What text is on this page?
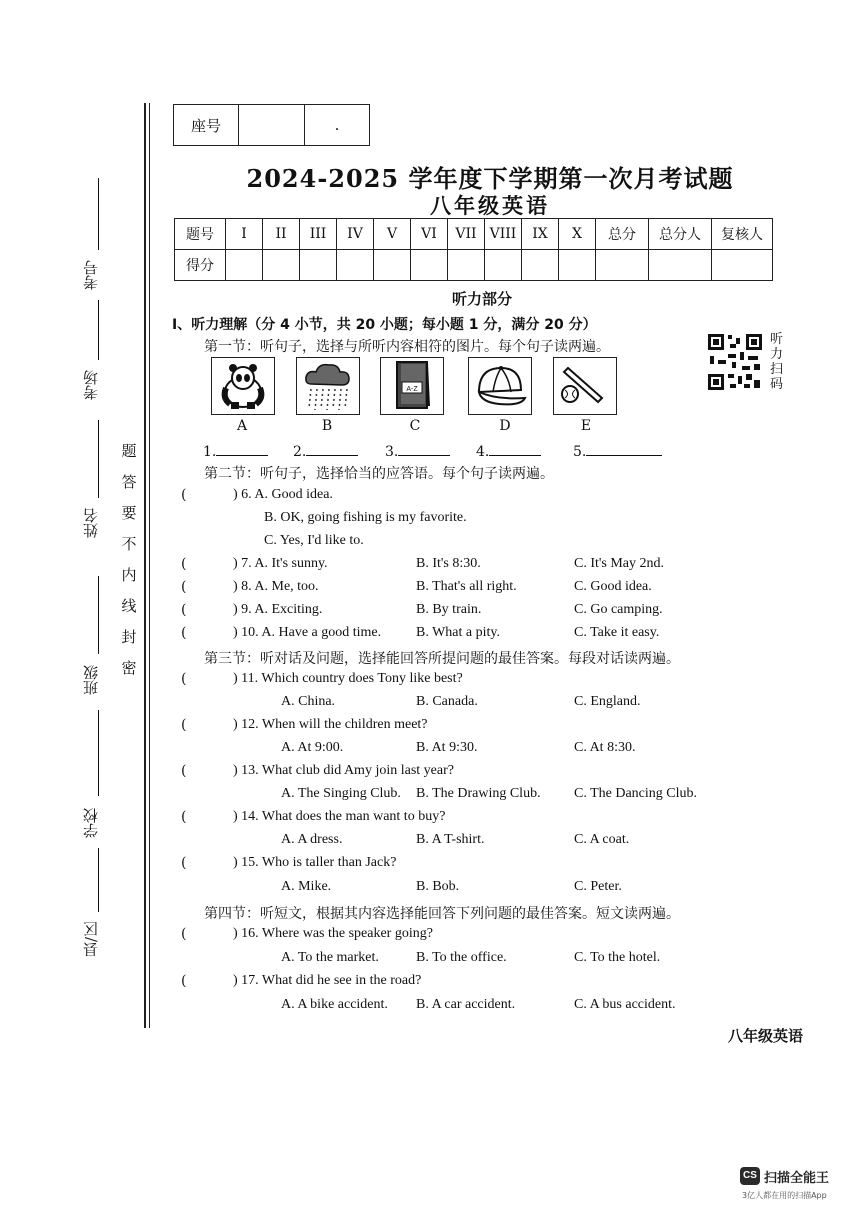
考号
考场
姓名
班级
学校
县/区
题
答
要
不
内
线
封
密
座号		.
2024-2025 学年度下学期第一次月考试题
八年级英语
题号	I	II	III	IV	V	VI	VII	VIII	IX	X	总分	总分人	复核人
得分													
听力部分
I、听力理解（分 4 小节，共 20 小题；每小题 1 分，满分 20 分）
第一节：听句子，选择与所听内容相符的图片。每个句子读两遍。	听
力
扫
码
A-Z
A	B	C	D	E
1.	2.	3.	4.	5.
第二节：听句子，选择恰当的应答语。每个句子读两遍。
(	) 6. A. Good idea.
B. OK, going fishing is my favorite.
C. Yes, I'd like to.
(	) 7. A. It's sunny.	B. It's 8:30.	C. It's May 2nd.
(	) 8. A. Me, too.	B. That's all right.	C. Good idea.
(	) 9. A. Exciting.	B. By train.	C. Go camping.
(	) 10. A. Have a good time. B. What a pity.	C. Take it easy.
第三节：听对话及问题，选择能回答所提问题的最佳答案。每段对话读两遍。
(	) 11. Which country does Tony like best?
A. China.	B. Canada.	C. England.
(	) 12. When will the children meet?
A. At 9:00.	B. At 9:30.	C. At 8:30.
(	) 13. What club did Amy join last year?
A. The Singing Club. B. The Drawing Club. C. The Dancing Club.
(	) 14. What does the man want to buy?
A. A dress.	B. A T-shirt.	C. A coat.
(	) 15. Who is taller than Jack?
A. Mike.	B. Bob.	C. Peter.
第四节：听短文，根据其内容选择能回答下列问题的最佳答案。短文读两遍。
(	) 16. Where was the speaker going?
A. To the market.	B. To the office.	C. To the hotel.
(	) 17. What did he see in the road?
A. A bike accident. B. A car accident.	C. A bus accident.
八年级英语
CS 扫描全能王
3亿人都在用的扫描App
